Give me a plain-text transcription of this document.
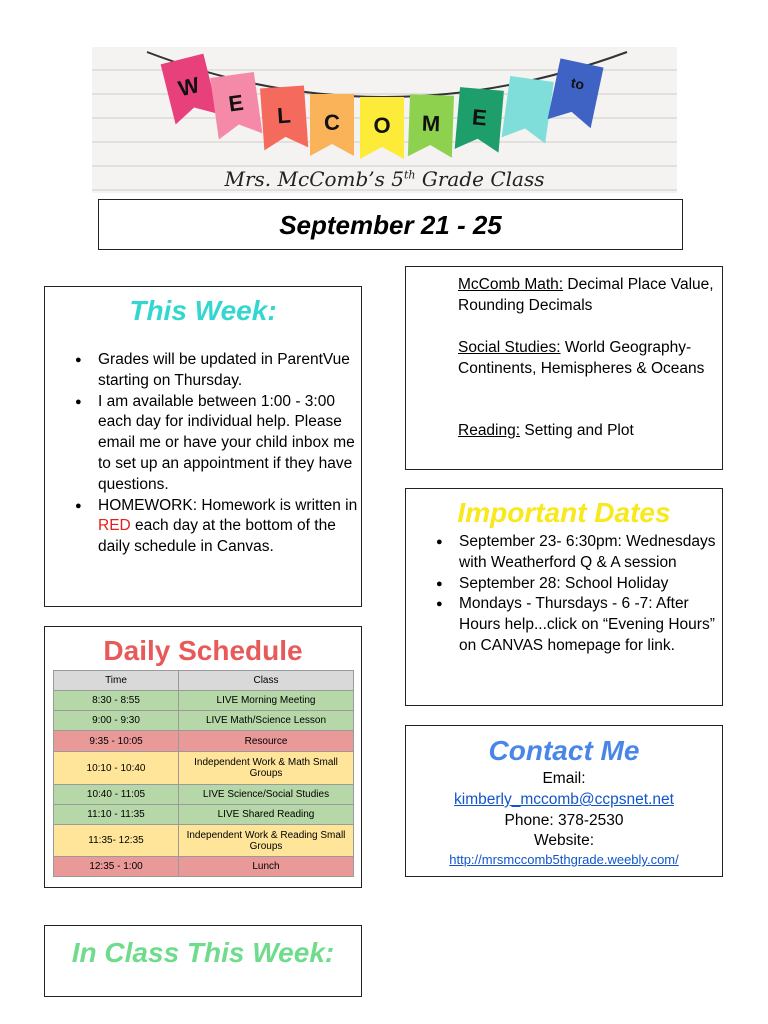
W
E L C O M E
to
Mrs. McComb’s 5th Grade Class
September 21 - 25
This Week:
● Grades will be updated in ParentVue starting on Thursday.
● I am available between 1:00 - 3:00 each day for individual help. Please email me or have your child inbox me to set up an appointment if they have questions.
● HOMEWORK: Homework is written in RED each day at the bottom of the daily schedule in Canvas.
McComb Math: Decimal Place Value, Rounding Decimals
Social Studies: World Geography- Continents, Hemispheres & Oceans
Reading: Setting and Plot
Important Dates
● September 23- 6:30pm: Wednesdays with Weatherford Q & A session
● September 28: School Holiday
● Mondays - Thursdays - 6 -7: After Hours help...click on “Evening Hours” on CANVAS homepage for link.
Daily Schedule
Time	Class
8:30 - 8:55	LIVE Morning Meeting
9:00 - 9:30	LIVE Math/Science Lesson
9:35 - 10:05	Resource
10:10 - 10:40	Independent Work & Math Small Groups
10:40 - 11:05	LIVE Science/Social Studies
11:10 - 11:35	LIVE Shared Reading
11:35- 12:35	Independent Work & Reading Small Groups
12:35 - 1:00	Lunch
Contact Me
Email:
kimberly_mccomb@ccpsnet.net
Phone: 378-2530
Website:
http://mrsmccomb5thgrade.weebly.com/
In Class This Week:
